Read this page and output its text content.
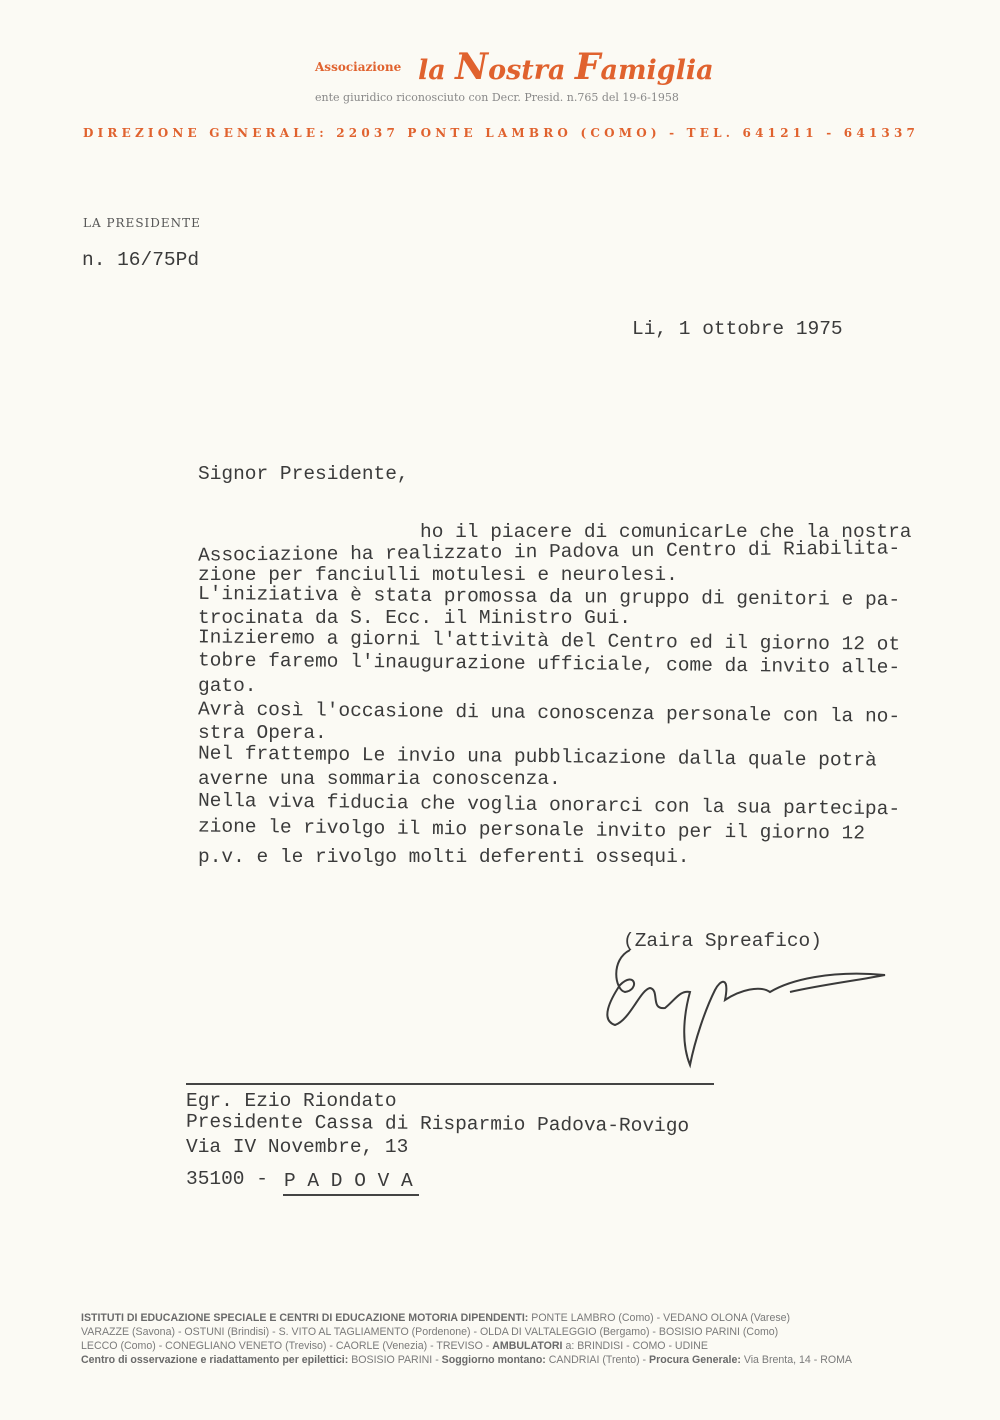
Associazione la Nostra Famiglia
ente giuridico riconosciuto con Decr. Presid. n.765 del 19-6-1958
DIREZIONE GENERALE: 22037 PONTE LAMBRO (COMO) - TEL. 641211 - 641337
LA PRESIDENTE
n. 16/75Pd
Li, 1 ottobre 1975
Signor Presidente,
ho il piacere di comunicarLe che la nostra
Associazione ha realizzato in Padova un Centro di Riabilita-
zione per fanciulli motulesi e neurolesi.
L'iniziativa è stata promossa da un gruppo di genitori e pa-
trocinata da S. Ecc. il Ministro Gui.
Inizieremo a giorni l'attività del Centro ed il giorno 12 ot
tobre faremo l'inaugurazione ufficiale, come da invito alle-
gato.
Avrà così l'occasione di una conoscenza personale con la no-
stra Opera.
Nel frattempo Le invio una pubblicazione dalla quale potrà
averne una sommaria conoscenza.
Nella viva fiducia che voglia onorarci con la sua partecipa-
zione le rivolgo il mio personale invito per il giorno 12
p.v. e le rivolgo molti deferenti ossequi.
(Zaira Spreafico)
Egr. Ezio Riondato
Presidente Cassa di Risparmio Padova-Rovigo
Via IV Novembre, 13
35100 - P A D O V A
ISTITUTI DI EDUCAZIONE SPECIALE E CENTRI DI EDUCAZIONE MOTORIA DIPENDENTI: PONTE LAMBRO (Como) - VEDANO OLONA (Varese)
VARAZZE (Savona) - OSTUNI (Brindisi) - S. VITO AL TAGLIAMENTO (Pordenone) - OLDA DI VALTALEGGIO (Bergamo) - BOSISIO PARINI (Como)
LECCO (Como) - CONEGLIANO VENETO (Treviso) - CAORLE (Venezia) - TREVISO - AMBULATORI a: BRINDISI - COMO - UDINE
Centro di osservazione e riadattamento per epilettici: BOSISIO PARINI - Soggiorno montano: CANDRIAI (Trento) - Procura Generale: Via Brenta, 14 - ROMA
